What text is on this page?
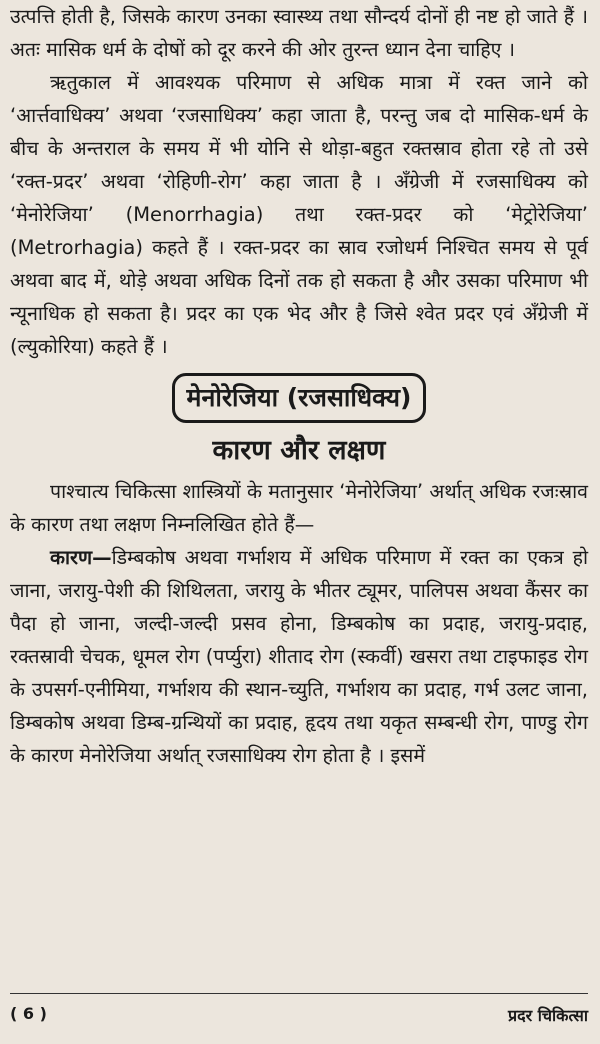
उत्पत्ति होती है, जिसके कारण उनका स्वास्थ्य तथा सौन्दर्य दोनों ही नष्ट हो जाते हैं । अतः मासिक धर्म के दोषों को दूर करने की ओर तुरन्त ध्यान देना चाहिए ।

ऋतुकाल में आवश्यक परिमाण से अधिक मात्रा में रक्त जाने को ‘आर्त्तवाधिक्य’ अथवा ‘रजसाधिक्य’ कहा जाता है, परन्तु जब दो मासिक-धर्म के बीच के अन्तराल के समय में भी योनि से थोड़ा-बहुत रक्तस्राव होता रहे तो उसे ‘रक्त-प्रदर’ अथवा ‘रोहिणी-रोग’ कहा जाता है । अँग्रेजी में रजसाधिक्य को ‘मेनोरेजिया’ (Menorrhagia) तथा रक्त-प्रदर को ‘मेट्रोरेजिया’ (Metrorhagia) कहते हैं । रक्त-प्रदर का स्राव रजोधर्म निश्चित समय से पूर्व अथवा बाद में, थोड़े अथवा अधिक दिनों तक हो सकता है और उसका परिमाण भी न्यूनाधिक हो सकता है। प्रदर का एक भेद और है जिसे श्वेत प्रदर एवं अँग्रेजी में (ल्युकोरिया) कहते हैं ।

मेनोरेजिया (रजसाधिक्य)

कारण और लक्षण

पाश्चात्य चिकित्सा शास्त्रियों के मतानुसार ‘मेनोरेजिया’ अर्थात् अधिक रजःस्राव के कारण तथा लक्षण निम्नलिखित होते हैं—

कारण—डिम्बकोष अथवा गर्भाशय में अधिक परिमाण में रक्त का एकत्र हो जाना, जरायु-पेशी की शिथिलता, जरायु के भीतर ट्यूमर, पालिपस अथवा कैंसर का पैदा हो जाना, जल्दी-जल्दी प्रसव होना, डिम्बकोष का प्रदाह, जरायु-प्रदाह, रक्तस्रावी चेचक, धूमल रोग (पर्प्युरा) शीताद रोग (स्कर्वी) खसरा तथा टाइफाइड रोग के उपसर्ग-एनीमिया, गर्भाशय की स्थान-च्युति, गर्भाशय का प्रदाह, गर्भ उलट जाना, डिम्बकोष अथवा डिम्ब-ग्रन्थियों का प्रदाह, हृदय तथा यकृत सम्बन्धी रोग, पाण्डु रोग के कारण मेनोरेजिया अर्थात् रजसाधिक्य रोग होता है । इसमें

( 6 )	प्रदर चिकित्सा
